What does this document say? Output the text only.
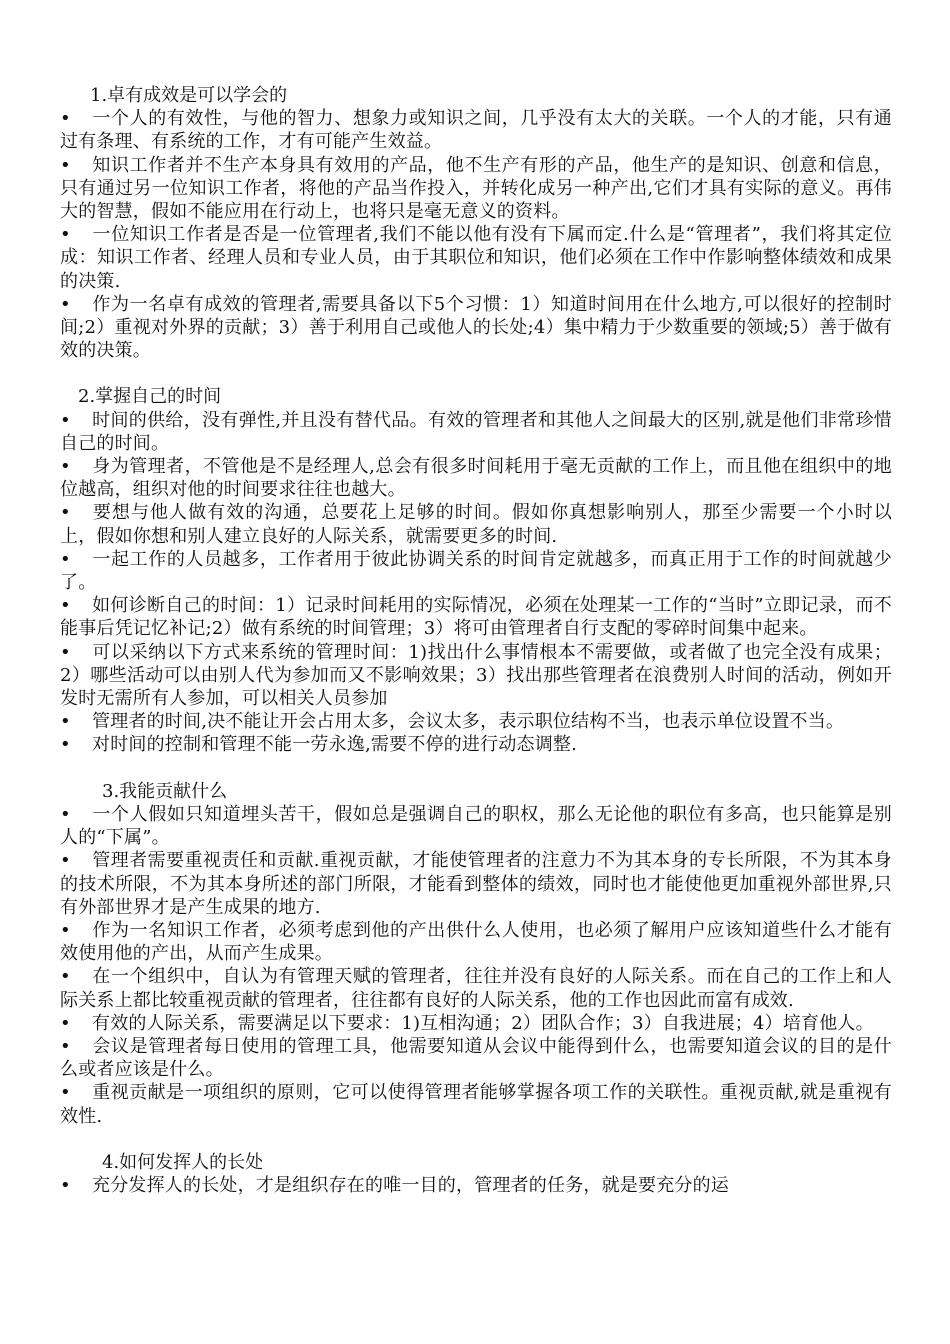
1.卓有成效是可以学会的

• 一个人的有效性，与他的智力、想象力或知识之间，几乎没有太大的关联。一个人的才能，只有通过有条理、有系统的工作，才有可能产生效益。
• 知识工作者并不生产本身具有效用的产品，他不生产有形的产品，他生产的是知识、创意和信息，只有通过另一位知识工作者，将他的产品当作投入，并转化成另一种产出,它们才具有实际的意义。再伟大的智慧，假如不能应用在行动上，也将只是毫无意义的资料。
• 一位知识工作者是否是一位管理者,我们不能以他有没有下属而定.什么是“管理者”，我们将其定位成：知识工作者、经理人员和专业人员，由于其职位和知识，他们必须在工作中作影响整体绩效和成果的决策.
• 作为一名卓有成效的管理者,需要具备以下5个习惯：1）知道时间用在什么地方,可以很好的控制时间;2）重视对外界的贡献；3）善于利用自己或他人的长处;4）集中精力于少数重要的领域;5）善于做有效的决策。

2.掌握自己的时间

• 时间的供给，没有弹性,并且没有替代品。有效的管理者和其他人之间最大的区别,就是他们非常珍惜自己的时间。
• 身为管理者，不管他是不是经理人,总会有很多时间耗用于毫无贡献的工作上，而且他在组织中的地位越高，组织对他的时间要求往往也越大。
• 要想与他人做有效的沟通，总要花上足够的时间。假如你真想影响别人，那至少需要一个小时以上，假如你想和别人建立良好的人际关系，就需要更多的时间.
• 一起工作的人员越多，工作者用于彼此协调关系的时间肯定就越多，而真正用于工作的时间就越少了。
• 如何诊断自己的时间：1）记录时间耗用的实际情况，必须在处理某一工作的“当时”立即记录，而不能事后凭记忆补记;2）做有系统的时间管理；3）将可由管理者自行支配的零碎时间集中起来。
• 可以采纳以下方式来系统的管理时间：1)找出什么事情根本不需要做，或者做了也完全没有成果；2）哪些活动可以由别人代为参加而又不影响效果；3）找出那些管理者在浪费别人时间的活动，例如开发时无需所有人参加，可以相关人员参加
• 管理者的时间,决不能让开会占用太多，会议太多，表示职位结构不当，也表示单位设置不当。
• 对时间的控制和管理不能一劳永逸,需要不停的进行动态调整.

3.我能贡献什么

• 一个人假如只知道埋头苦干，假如总是强调自己的职权，那么无论他的职位有多高，也只能算是别人的“下属”。
• 管理者需要重视责任和贡献.重视贡献，才能使管理者的注意力不为其本身的专长所限，不为其本身的技术所限，不为其本身所述的部门所限，才能看到整体的绩效，同时也才能使他更加重视外部世界,只有外部世界才是产生成果的地方.
• 作为一名知识工作者，必须考虑到他的产出供什么人使用，也必须了解用户应该知道些什么才能有效使用他的产出，从而产生成果。
• 在一个组织中，自认为有管理天赋的管理者，往往并没有良好的人际关系。而在自己的工作上和人际关系上都比较重视贡献的管理者，往往都有良好的人际关系，他的工作也因此而富有成效.
• 有效的人际关系，需要满足以下要求：1)互相沟通；2）团队合作；3）自我进展；4）培育他人。
• 会议是管理者每日使用的管理工具，他需要知道从会议中能得到什么，也需要知道会议的目的是什么或者应该是什么。
• 重视贡献是一项组织的原则，它可以使得管理者能够掌握各项工作的关联性。重视贡献,就是重视有效性.

4.如何发挥人的长处

• 充分发挥人的长处，才是组织存在的唯一目的，管理者的任务，就是要充分的运
